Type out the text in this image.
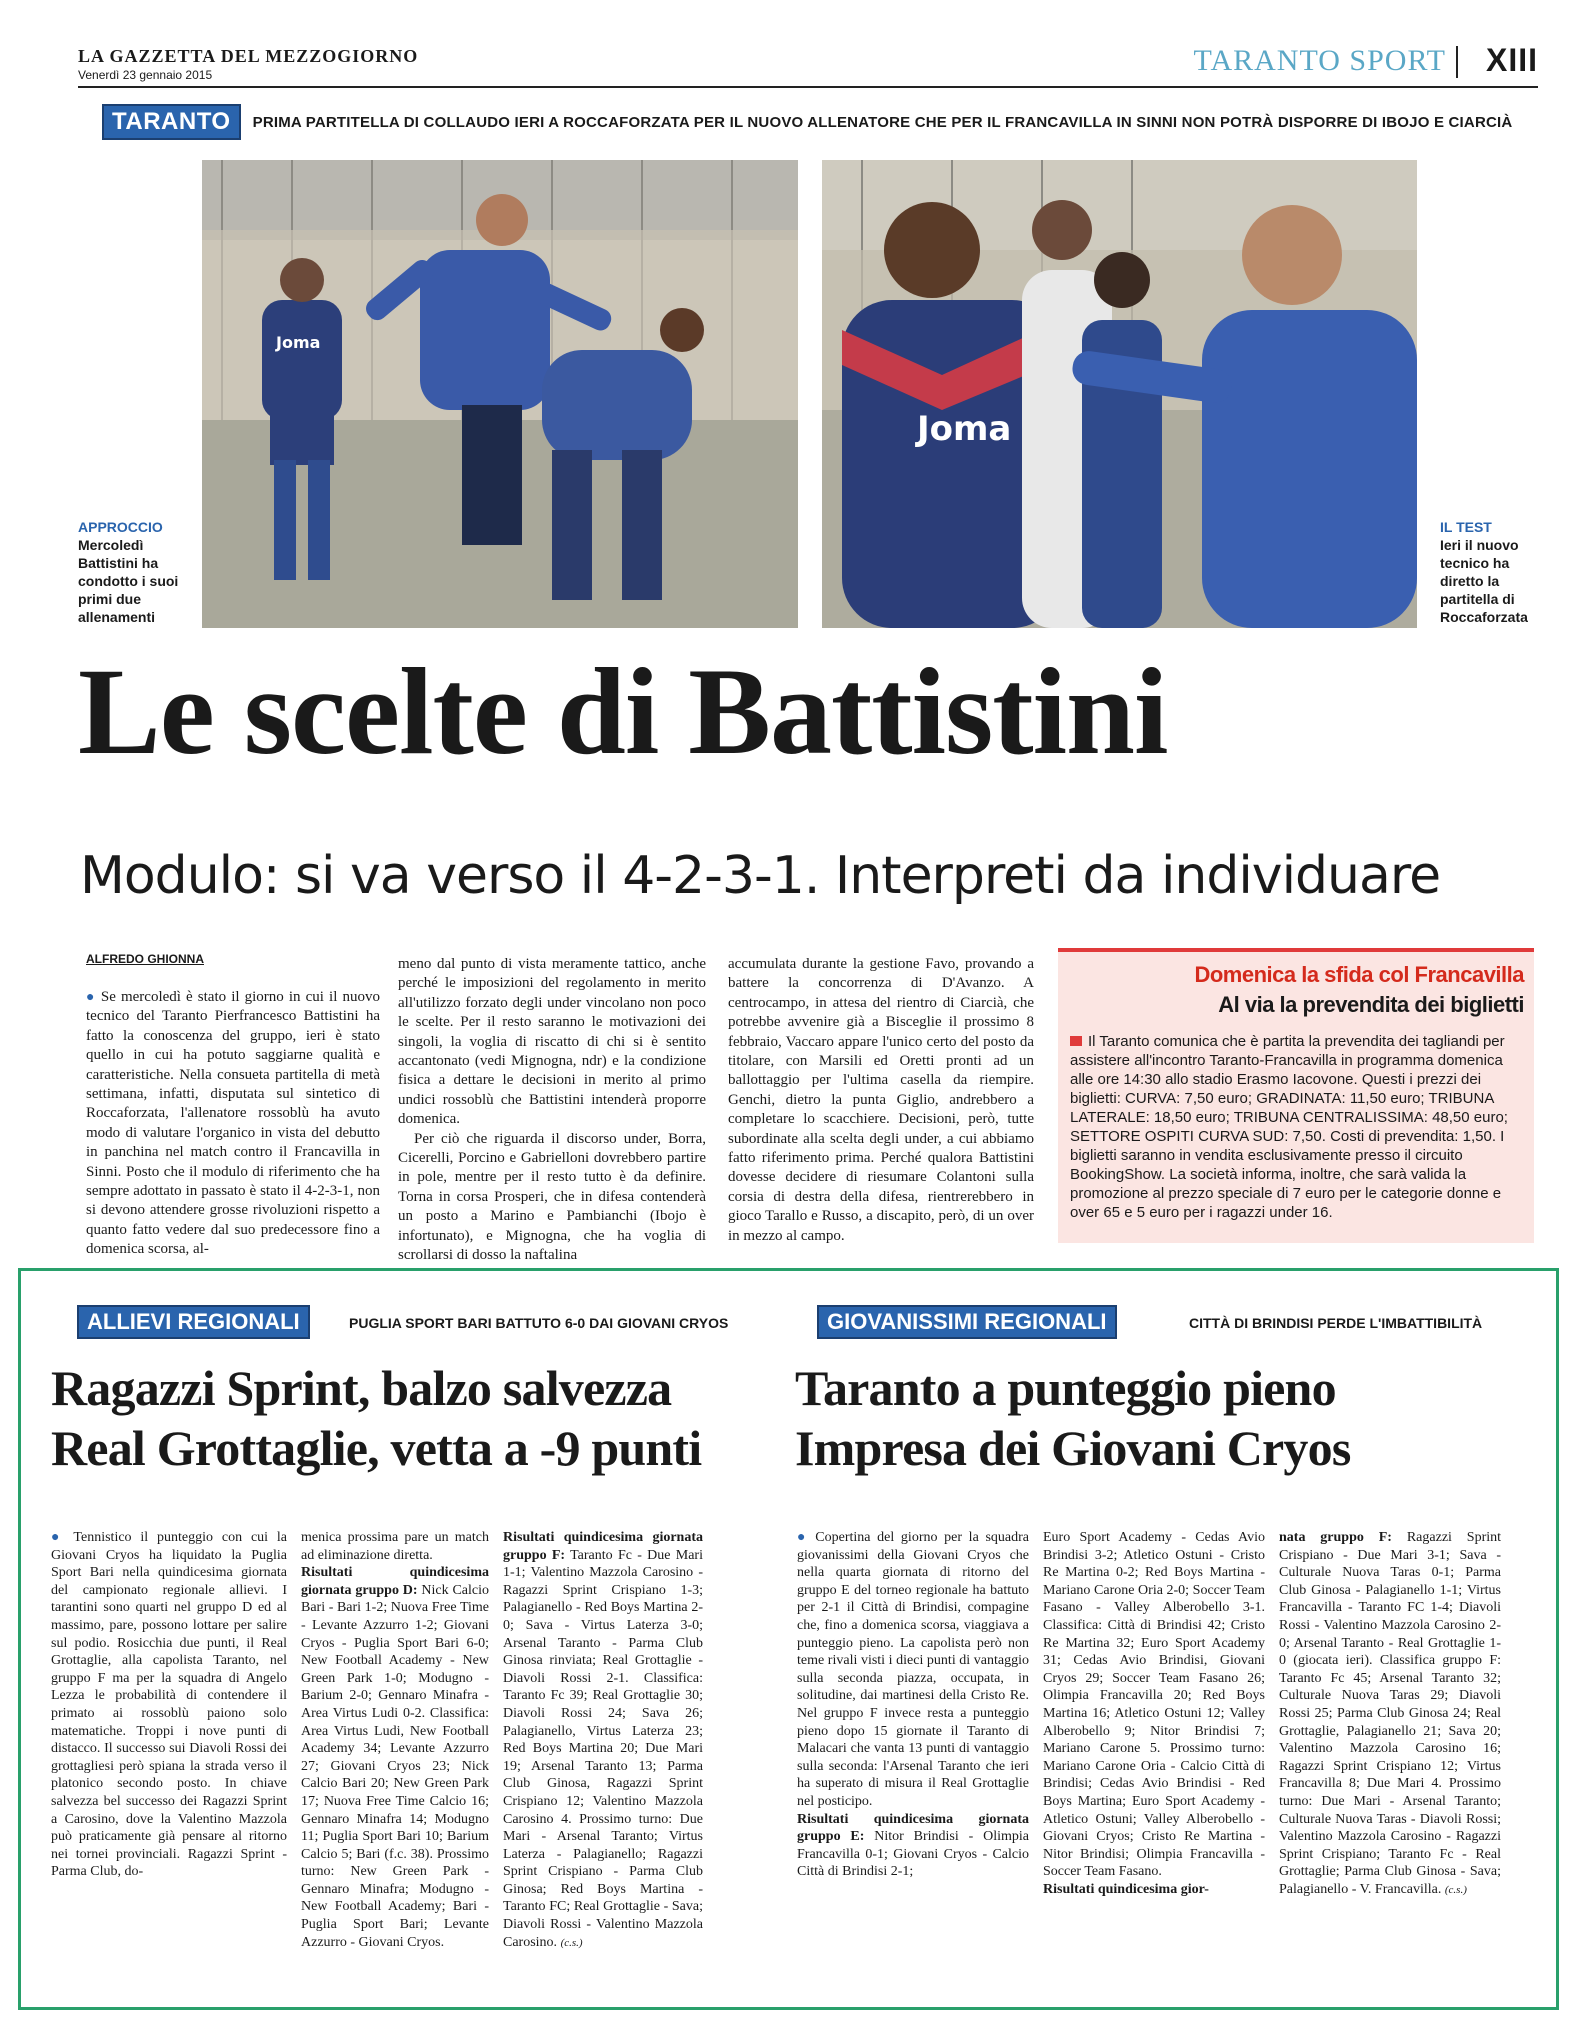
LA GAZZETTA DEL MEZZOGIORNO
Venerdì 23 gennaio 2015	TARANTO SPORT XIII
TARANTO	PRIMA PARTITELLA DI COLLAUDO IERI A ROCCAFORZATA PER IL NUOVO ALLENATORE CHE PER IL FRANCAVILLA IN SINNI NON POTRÀ DISPORRE DI IBOJO E CIARCIÀ
Joma
Joma
APPROCCIO
Mercoledì Battistini ha condotto i suoi primi due allenamenti
IL TEST
Ieri il nuovo tecnico ha diretto la partitella di Roccaforzata
Le scelte di Battistini
Modulo: si va verso il 4-2-3-1. Interpreti da individuare
ALFREDO GHIONNA

● Se mercoledì è stato il giorno in cui il nuovo tecnico del Taranto Pierfrancesco Battistini ha fatto la conoscenza del gruppo, ieri è stato quello in cui ha potuto saggiarne qualità e caratteristiche. Nella consueta partitella di metà settimana, infatti, disputata sul sintetico di Roccaforzata, l'allenatore rossoblù ha avuto modo di valutare l'organico in vista del debutto in panchina nel match contro il Francavilla in Sinni. Posto che il modulo di riferimento che ha sempre adottato in passato è stato il 4-2-3-1, non si devono attendere grosse rivoluzioni rispetto a quanto fatto vedere dal suo predecessore fino a domenica scorsa, al-

meno dal punto di vista meramente tattico, anche perché le imposizioni del regolamento in merito all'utilizzo forzato degli under vincolano non poco le scelte. Per il resto saranno le motivazioni dei singoli, la voglia di riscatto di chi si è sentito accantonato (vedi Mignogna, ndr) e la condizione fisica a dettare le decisioni in merito al primo undici rossoblù che Battistini intenderà proporre domenica.

Per ciò che riguarda il discorso under, Borra, Cicerelli, Porcino e Gabrielloni dovrebbero partire in pole, mentre per il resto tutto è da definire. Torna in corsa Prosperi, che in difesa contenderà un posto a Marino e Pambianchi (Ibojo è infortunato), e Mignogna, che ha voglia di scrollarsi di dosso la naftalina

accumulata durante la gestione Favo, provando a battere la concorrenza di D'Avanzo. A centrocampo, in attesa del rientro di Ciarcià, che potrebbe avvenire già a Bisceglie il prossimo 8 febbraio, Vaccaro appare l'unico certo del posto da titolare, con Marsili ed Oretti pronti ad un ballottaggio per l'ultima casella da riempire. Genchi, dietro la punta Giglio, andrebbero a completare lo scacchiere. Decisioni, però, tutte subordinate alla scelta degli under, a cui abbiamo fatto riferimento prima. Perché qualora Battistini dovesse decidere di riesumare Colantoni sulla corsia di destra della difesa, rientrerebbero in gioco Tarallo e Russo, a discapito, però, di un over in mezzo al campo.

Domenica la sfida col Francavilla
Al via la prevendita dei biglietti

Il Taranto comunica che è partita la prevendita dei tagliandi per assistere all'incontro Taranto-Francavilla in programma domenica alle ore 14:30 allo stadio Erasmo Iacovone. Questi i prezzi dei biglietti: CURVA: 7,50 euro; GRADINATA: 11,50 euro; TRIBUNA LATERALE: 18,50 euro; TRIBUNA CENTRALISSIMA: 48,50 euro; SETTORE OSPITI CURVA SUD: 7,50. Costi di prevendita: 1,50. I biglietti saranno in vendita esclusivamente presso il circuito BookingShow. La società informa, inoltre, che sarà valida la promozione al prezzo speciale di 7 euro per le categorie donne e over 65 e 5 euro per i ragazzi under 16.

ALLIEVI REGIONALI	PUGLIA SPORT BARI BATTUTO 6-0 DAI GIOVANI CRYOS
Ragazzi Sprint, balzo salvezza
Real Grottaglie, vetta a -9 punti

● Tennistico il punteggio con cui la Giovani Cryos ha liquidato la Puglia Sport Bari nella quindicesima giornata del campionato regionale allievi. I tarantini sono quarti nel gruppo D ed al massimo, pare, possono lottare per salire sul podio. Rosicchia due punti, il Real Grottaglie, alla capolista Taranto, nel gruppo F ma per la squadra di Angelo Lezza le probabilità di contendere il primato ai rossoblù paiono solo matematiche. Troppi i nove punti di distacco. Il successo sui Diavoli Rossi dei grottagliesi però spiana la strada verso il platonico secondo posto. In chiave salvezza bel successo dei Ragazzi Sprint a Carosino, dove la Valentino Mazzola può praticamente già pensare al ritorno nei tornei provinciali. Ragazzi Sprint - Parma Club, do-

menica prossima pare un match ad eliminazione diretta.
Risultati quindicesima giornata gruppo D: Nick Calcio Bari - Bari 1-2; Nuova Free Time - Levante Azzurro 1-2; Giovani Cryos - Puglia Sport Bari 6-0; New Football Academy - New Green Park 1-0; Modugno - Barium 2-0; Gennaro Minafra - Area Virtus Ludi 0-2. Classifica: Area Virtus Ludi, New Football Academy 34; Levante Azzurro 27; Giovani Cryos 23; Nick Calcio Bari 20; New Green Park 17; Nuova Free Time Calcio 16; Gennaro Minafra 14; Modugno 11; Puglia Sport Bari 10; Barium Calcio 5; Bari (f.c. 38). Prossimo turno: New Green Park - Gennaro Minafra; Modugno - New Football Academy; Bari - Puglia Sport Bari; Levante Azzurro - Giovani Cryos.
Risultati quindicesima giornata gruppo F: Taranto Fc - Due Mari 1-1; Valentino Mazzola Carosino - Ragazzi Sprint Crispiano 1-3; Palagianello - Red Boys Martina 2-0; Sava - Virtus Laterza 3-0; Arsenal Taranto - Parma Club Ginosa rinviata; Real Grottaglie - Diavoli Rossi 2-1. Classifica: Taranto Fc 39; Real Grottaglie 30; Diavoli Rossi 24; Sava 26; Palagianello, Virtus Laterza 23; Red Boys Martina 20; Due Mari 19; Arsenal Taranto 13; Parma Club Ginosa, Ragazzi Sprint Crispiano 12; Valentino Mazzola Carosino 4. Prossimo turno: Due Mari - Arsenal Taranto; Virtus Laterza - Palagianello; Ragazzi Sprint Crispiano - Parma Club Ginosa; Red Boys Martina - Taranto FC; Real Grottaglie - Sava; Diavoli Rossi - Valentino Mazzola Carosino. (c.s.)
GIOVANISSIMI REGIONALI	CITTÀ DI BRINDISI PERDE L'IMBATTIBILITÀ
Taranto a punteggio pieno
Impresa dei Giovani Cryos
● Copertina del giorno per la squadra giovanissimi della Giovani Cryos che nella quarta giornata di ritorno del gruppo E del torneo regionale ha battuto per 2-1 il Città di Brindisi, compagine che, fino a domenica scorsa, viaggiava a punteggio pieno. La capolista però non teme rivali visti i dieci punti di vantaggio sulla seconda piazza, occupata, in solitudine, dai martinesi della Cristo Re. Nel gruppo F invece resta a punteggio pieno dopo 15 giornate il Taranto di Malacari che vanta 13 punti di vantaggio sulla seconda: l'Arsenal Taranto che ieri ha superato di misura il Real Grottaglie nel posticipo.
Risultati quindicesima giornata gruppo E: Nitor Brindisi - Olimpia Francavilla 0-1; Giovani Cryos - Calcio Città di Brindisi 2-1;
Euro Sport Academy - Cedas Avio Brindisi 3-2; Atletico Ostuni - Cristo Re Martina 0-2; Red Boys Martina - Mariano Carone Oria 2-0; Soccer Team Fasano - Valley Alberobello 3-1. Classifica: Città di Brindisi 42; Cristo Re Martina 32; Euro Sport Academy 31; Cedas Avio Brindisi, Giovani Cryos 29; Soccer Team Fasano 26; Olimpia Francavilla 20; Red Boys Martina 16; Atletico Ostuni 12; Valley Alberobello 9; Nitor Brindisi 7; Mariano Carone 5. Prossimo turno: Mariano Carone Oria - Calcio Città di Brindisi; Cedas Avio Brindisi - Red Boys Martina; Euro Sport Academy - Atletico Ostuni; Valley Alberobello - Giovani Cryos; Cristo Re Martina - Nitor Brindisi; Olimpia Francavilla - Soccer Team Fasano.
Risultati quindicesima gior-
nata gruppo F: Ragazzi Sprint Crispiano - Due Mari 3-1; Sava - Culturale Nuova Taras 0-1; Parma Club Ginosa - Palagianello 1-1; Virtus Francavilla - Taranto FC 1-4; Diavoli Rossi - Valentino Mazzola Carosino 2-0; Arsenal Taranto - Real Grottaglie 1-0 (giocata ieri). Classifica gruppo F: Taranto Fc 45; Arsenal Taranto 32; Culturale Nuova Taras 29; Diavoli Rossi 25; Parma Club Ginosa 24; Real Grottaglie, Palagianello 21; Sava 20; Valentino Mazzola Carosino 16; Ragazzi Sprint Crispiano 12; Virtus Francavilla 8; Due Mari 4. Prossimo turno: Due Mari - Arsenal Taranto; Culturale Nuova Taras - Diavoli Rossi; Valentino Mazzola Carosino - Ragazzi Sprint Crispiano; Taranto Fc - Real Grottaglie; Parma Club Ginosa - Sava; Palagianello - V. Francavilla. (c.s.)
